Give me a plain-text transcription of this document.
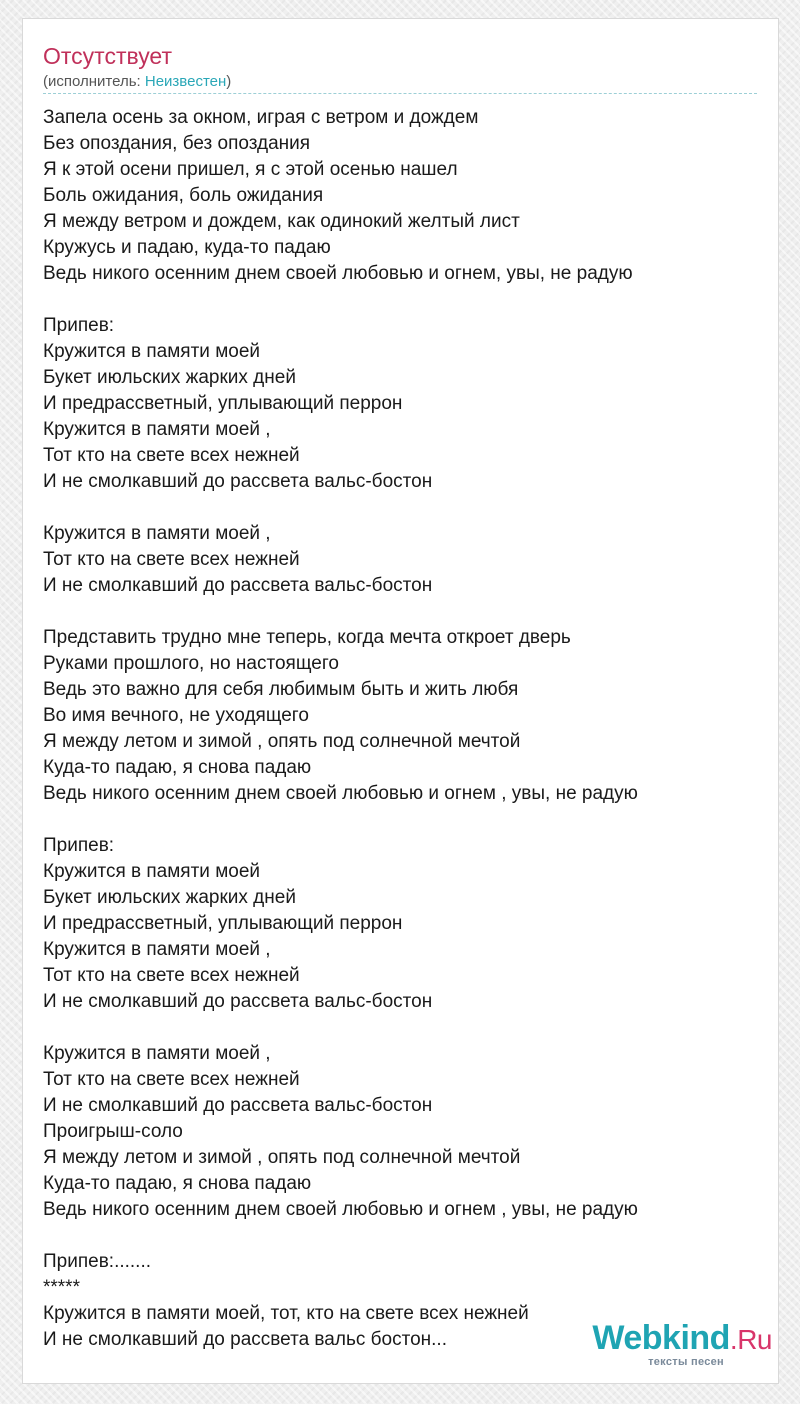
Отсутствует
(исполнитель: Неизвестен)
Запела осень за окном, играя с ветром и дождем
Без опоздания, без опоздания
Я к этой осени пришел, я с этой осенью нашел
Боль ожидания, боль ожидания
Я между ветром и дождем, как одинокий желтый лист
Кружусь и падаю, куда-то падаю
Ведь никого осенним днем своей любовью и огнем, увы, не радую
Припев:
Кружится в памяти моей
Букет июльских жарких дней
И предрассветный, уплывающий перрон
Кружится в памяти моей ,
Тот кто на свете всех нежней
И не смолкавший до рассвета вальс-бостон
Кружится в памяти моей ,
Тот кто на свете всех нежней
И не смолкавший до рассвета вальс-бостон
Представить трудно мне теперь, когда мечта откроет дверь
Руками прошлого, но настоящего
Ведь это важно для себя любимым быть и жить любя
Во имя вечного, не уходящего
Я между летом и зимой , опять под солнечной мечтой
Куда-то падаю, я снова падаю
Ведь никого осенним днем своей любовью и огнем , увы, не радую
Припев:
Кружится в памяти моей
Букет июльских жарких дней
И предрассветный, уплывающий перрон
Кружится в памяти моей ,
Тот кто на свете всех нежней
И не смолкавший до рассвета вальс-бостон
Кружится в памяти моей ,
Тот кто на свете всех нежней
И не смолкавший до рассвета вальс-бостон
Проигрыш-соло
Я между летом и зимой , опять под солнечной мечтой
Куда-то падаю, я снова падаю
Ведь никого осенним днем своей любовью и огнем , увы, не радую
Припев:.......
*****
Кружится в памяти моей, тот, кто на свете всех нежней
И не смолкавший до рассвета вальс бостон...	Webkind.Ru
тексты песен
